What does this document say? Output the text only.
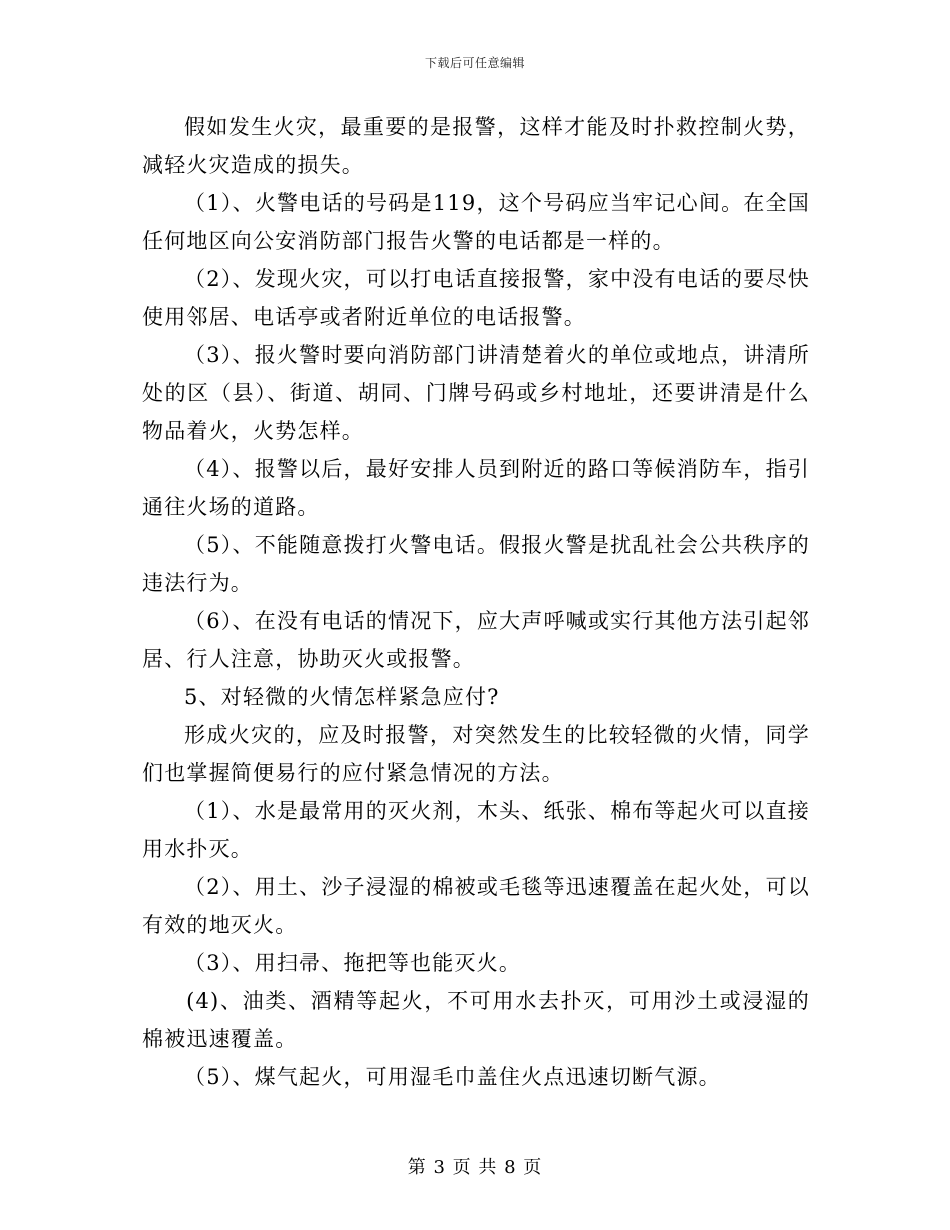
下载后可任意编辑

假如发生火灾，最重要的是报警，这样才能及时扑救控制火势，减轻火灾造成的损失。

（1）、火警电话的号码是119，这个号码应当牢记心间。在全国任何地区向公安消防部门报告火警的电话都是一样的。

（2）、发现火灾，可以打电话直接报警，家中没有电话的要尽快使用邻居、电话亭或者附近单位的电话报警。

（3）、报火警时要向消防部门讲清楚着火的单位或地点，讲清所处的区（县）、街道、胡同、门牌号码或乡村地址，还要讲清是什么物品着火，火势怎样。

（4）、报警以后，最好安排人员到附近的路口等候消防车，指引通往火场的道路。

（5）、不能随意拨打火警电话。假报火警是扰乱社会公共秩序的违法行为。

（6）、在没有电话的情况下，应大声呼喊或实行其他方法引起邻居、行人注意，协助灭火或报警。

5、对轻微的火情怎样紧急应付?

形成火灾的，应及时报警，对突然发生的比较轻微的火情，同学们也掌握简便易行的应付紧急情况的方法。

（1）、水是最常用的灭火剂，木头、纸张、棉布等起火可以直接用水扑灭。

（2）、用土、沙子浸湿的棉被或毛毯等迅速覆盖在起火处，可以有效的地灭火。

（3）、用扫帚、拖把等也能灭火。

(4)、油类、酒精等起火，不可用水去扑灭，可用沙土或浸湿的棉被迅速覆盖。

（5）、煤气起火，可用湿毛巾盖住火点迅速切断气源。

第 3 页 共 8 页
